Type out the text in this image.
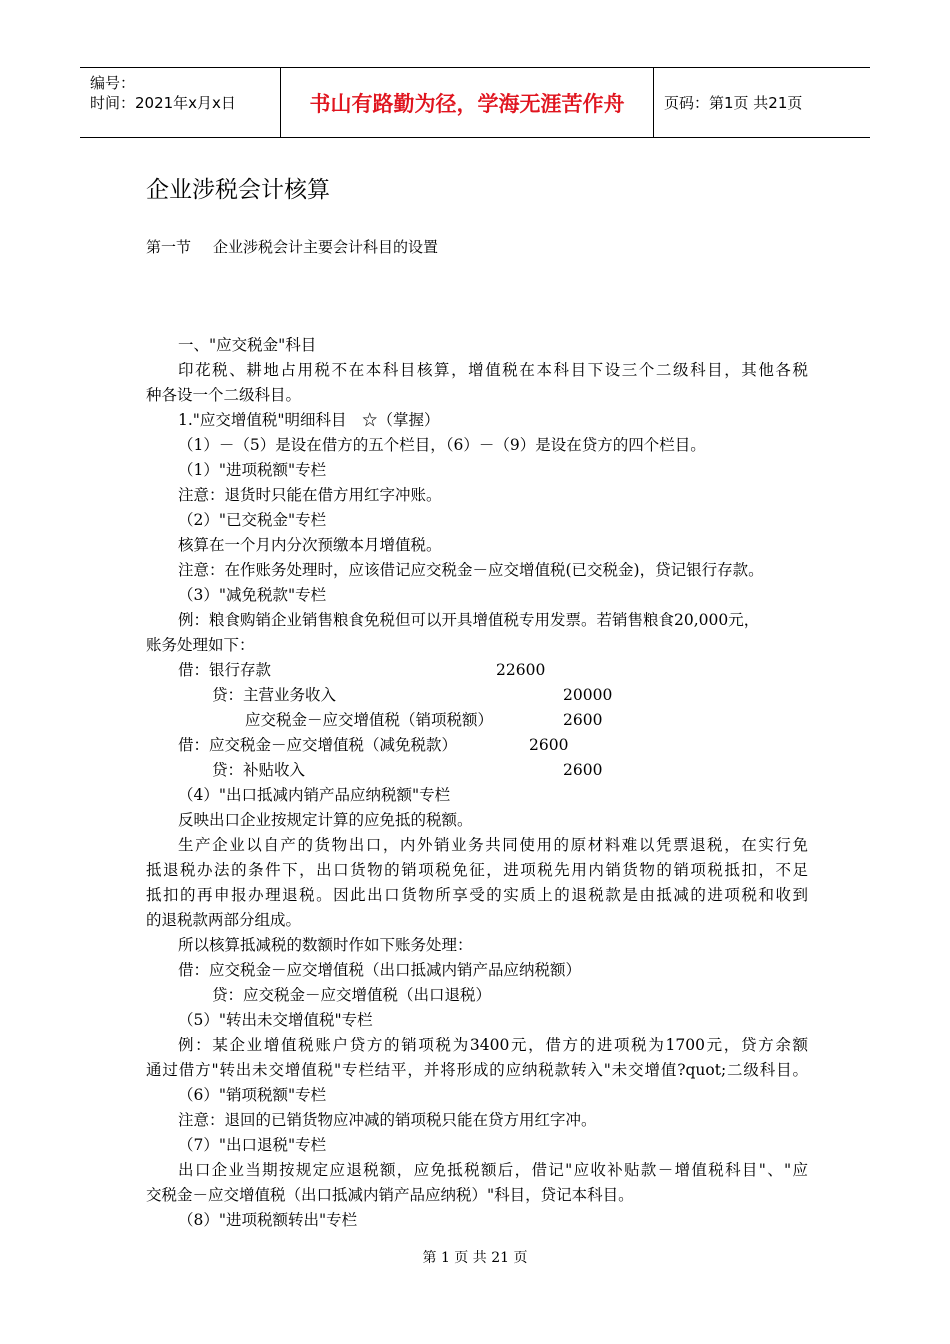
编号：
时间：2021年x月x日	书山有路勤为径，学海无涯苦作舟	页码：第1页 共21页
企业涉税会计核算
第一节 企业涉税会计主要会计科目的设置
一、"应交税金"科目
印花税、耕地占用税不在本科目核算，增值税在本科目下设三个二级科目，其他各税
种各设一个二级科目。
1."应交增值税"明细科目　☆（掌握）
（1）－（5）是设在借方的五个栏目，（6）－（9）是设在贷方的四个栏目。
（1）"进项税额"专栏
注意：退货时只能在借方用红字冲账。
（2）"已交税金"专栏
核算在一个月内分次预缴本月增值税。
注意：在作账务处理时，应该借记应交税金－应交增值税(已交税金)，贷记银行存款。
（3）"减免税款"专栏
例：粮食购销企业销售粮食免税但可以开具增值税专用发票。若销售粮食20,000元，
账务处理如下：
借：银行存款	22600
贷：主营业务收入	20000
应交税金－应交增值税（销项税额）	2600
借：应交税金－应交增值税（减免税款）	2600
贷：补贴收入	2600
（4）"出口抵减内销产品应纳税额"专栏
反映出口企业按规定计算的应免抵的税额。
生产企业以自产的货物出口，内外销业务共同使用的原材料难以凭票退税，在实行免
抵退税办法的条件下，出口货物的销项税免征，进项税先用内销货物的销项税抵扣，不足
抵扣的再申报办理退税。因此出口货物所享受的实质上的退税款是由抵减的进项税和收到
的退税款两部分组成。
所以核算抵减税的数额时作如下账务处理：
借：应交税金－应交增值税（出口抵减内销产品应纳税额）
贷：应交税金－应交增值税（出口退税）
（5）"转出未交增值税"专栏
例：某企业增值税账户贷方的销项税为3400元，借方的进项税为1700元，贷方余额
通过借方"转出未交增值税"专栏结平，并将形成的应纳税款转入"未交增值?quot;二级科目。
（6）"销项税额"专栏
注意：退回的已销货物应冲减的销项税只能在贷方用红字冲。
（7）"出口退税"专栏
出口企业当期按规定应退税额，应免抵税额后，借记"应收补贴款－增值税科目"、"应
交税金－应交增值税（出口抵减内销产品应纳税）"科目，贷记本科目。
（8）"进项税额转出"专栏
第 1 页 共 21 页
